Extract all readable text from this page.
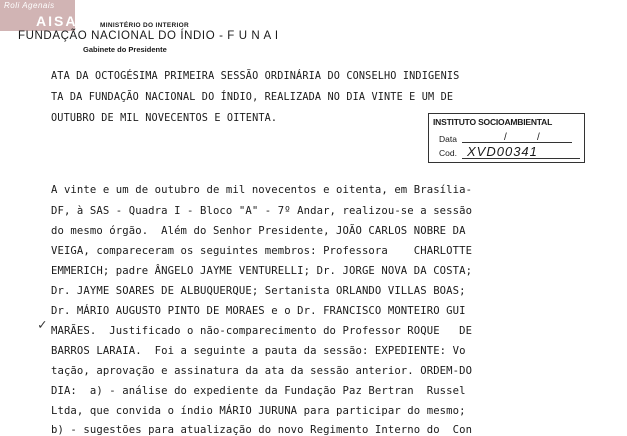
Roli Agenais
AISA	MINISTÉRIO DO INTERIOR
FUNDAÇÃO NACIONAL DO ÍNDIO - F U N A I
Gabinete do Presidente
ATA DA OCTOGÉSIMA PRIMEIRA SESSÃO ORDINÁRIA DO CONSELHO INDIGENIS
TA DA FUNDAÇÃO NACIONAL DO ÍNDIO, REALIZADA NO DIA VINTE E UM DE
OUTUBRO DE MIL NOVECENTOS E OITENTA.	INSTITUTO SOCIOAMBIENTAL
Data	/	/
Cod. XVD00341
A vinte e um de outubro de mil novecentos e oitenta, em Brasília-
DF, à SAS - Quadra I - Bloco "A" - 7º Andar, realizou-se a sessão
do mesmo órgão.  Além do Senhor Presidente, JOÃO CARLOS NOBRE DA
VEIGA, compareceram os seguintes membros: Professora    CHARLOTTE
EMMERICH; padre ÂNGELO JAYME VENTURELLI; Dr. JORGE NOVA DA COSTA;
Dr. JAYME SOARES DE ALBUQUERQUE; Sertanista ORLANDO VILLAS BOAS;
Dr. MÁRIO AUGUSTO PINTO DE MORAES e o Dr. FRANCISCO MONTEIRO GUI
MARÃES.  Justificado o não-comparecimento do Professor ROQUE   DE
BARROS LARAIA.  Foi a seguinte a pauta da sessão: EXPEDIENTE: Vo
tação, aprovação e assinatura da ata da sessão anterior. ORDEM-DO
DIA:  a) - análise do expediente da Fundação Paz Bertran  Russel
Ltda, que convida o índio MÁRIO JURUNA para participar do mesmo;
b) - sugestões para atualização do novo Regimento Interno do  Con
✓
